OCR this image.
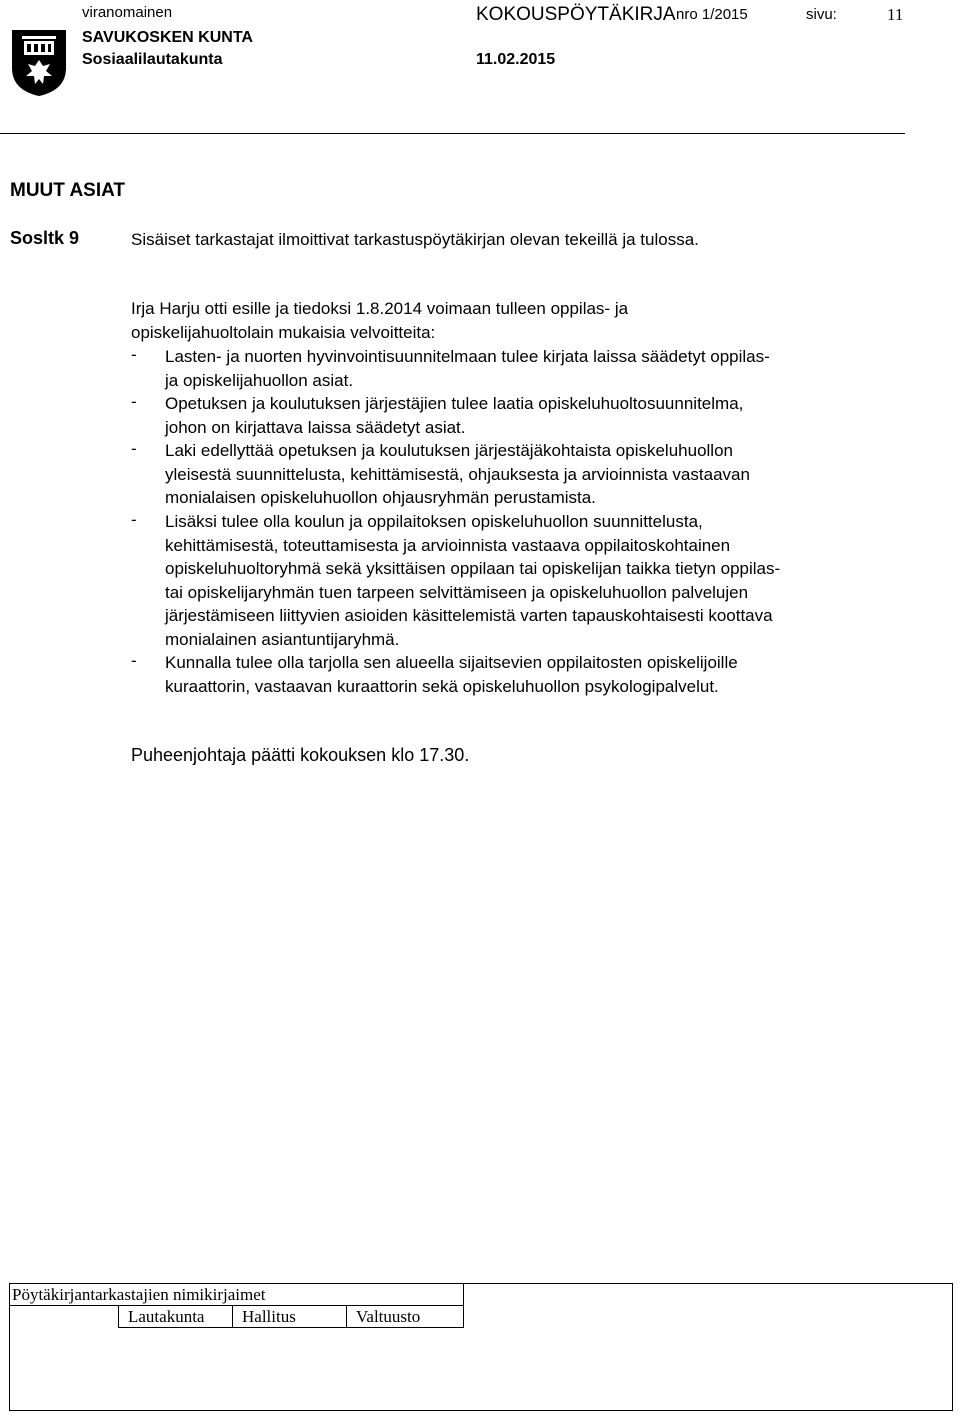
viranomainen	KOKOUSPÖYTÄKIRJA nro 1/2015	sivu:	11
SAVUKOSKEN KUNTA
Sosiaalilautakunta	11.02.2015
MUUT ASIAT
Sosltk 9	Sisäiset tarkastajat ilmoittivat tarkastuspöytäkirjan olevan tekeillä ja tulossa.
Irja Harju otti esille ja tiedoksi 1.8.2014 voimaan tulleen oppilas- ja
opiskelijahuoltolain mukaisia velvoitteita:
- Lasten- ja nuorten hyvinvointisuunnitelmaan tulee kirjata laissa säädetyt oppilas-
ja opiskelijahuollon asiat.
- Opetuksen ja koulutuksen järjestäjien tulee laatia opiskeluhuoltosuunnitelma,
johon on kirjattava laissa säädetyt asiat.
- Laki edellyttää opetuksen ja koulutuksen järjestäjäkohtaista opiskeluhuollon
yleisestä suunnittelusta, kehittämisestä, ohjauksesta ja arvioinnista vastaavan
monialaisen opiskeluhuollon ohjausryhmän perustamista.
- Lisäksi tulee olla koulun ja oppilaitoksen opiskeluhuollon suunnittelusta,
kehittämisestä, toteuttamisesta ja arvioinnista vastaava oppilaitoskohtainen
opiskeluhuoltoryhmä sekä yksittäisen oppilaan tai opiskelijan taikka tietyn oppilas-
tai opiskelijaryhmän tuen tarpeen selvittämiseen ja opiskeluhuollon palvelujen
järjestämiseen liittyvien asioiden käsittelemistä varten tapauskohtaisesti koottava
monialainen asiantuntijaryhmä.
- Kunnalla tulee olla tarjolla sen alueella sijaitsevien oppilaitosten opiskelijoille
kuraattorin, vastaavan kuraattorin sekä opiskeluhuollon psykologipalvelut.
Puheenjohtaja päätti kokouksen klo 17.30.
Pöytäkirjantarkastajien nimikirjaimet
Lautakunta Hallitus	Valtuusto
